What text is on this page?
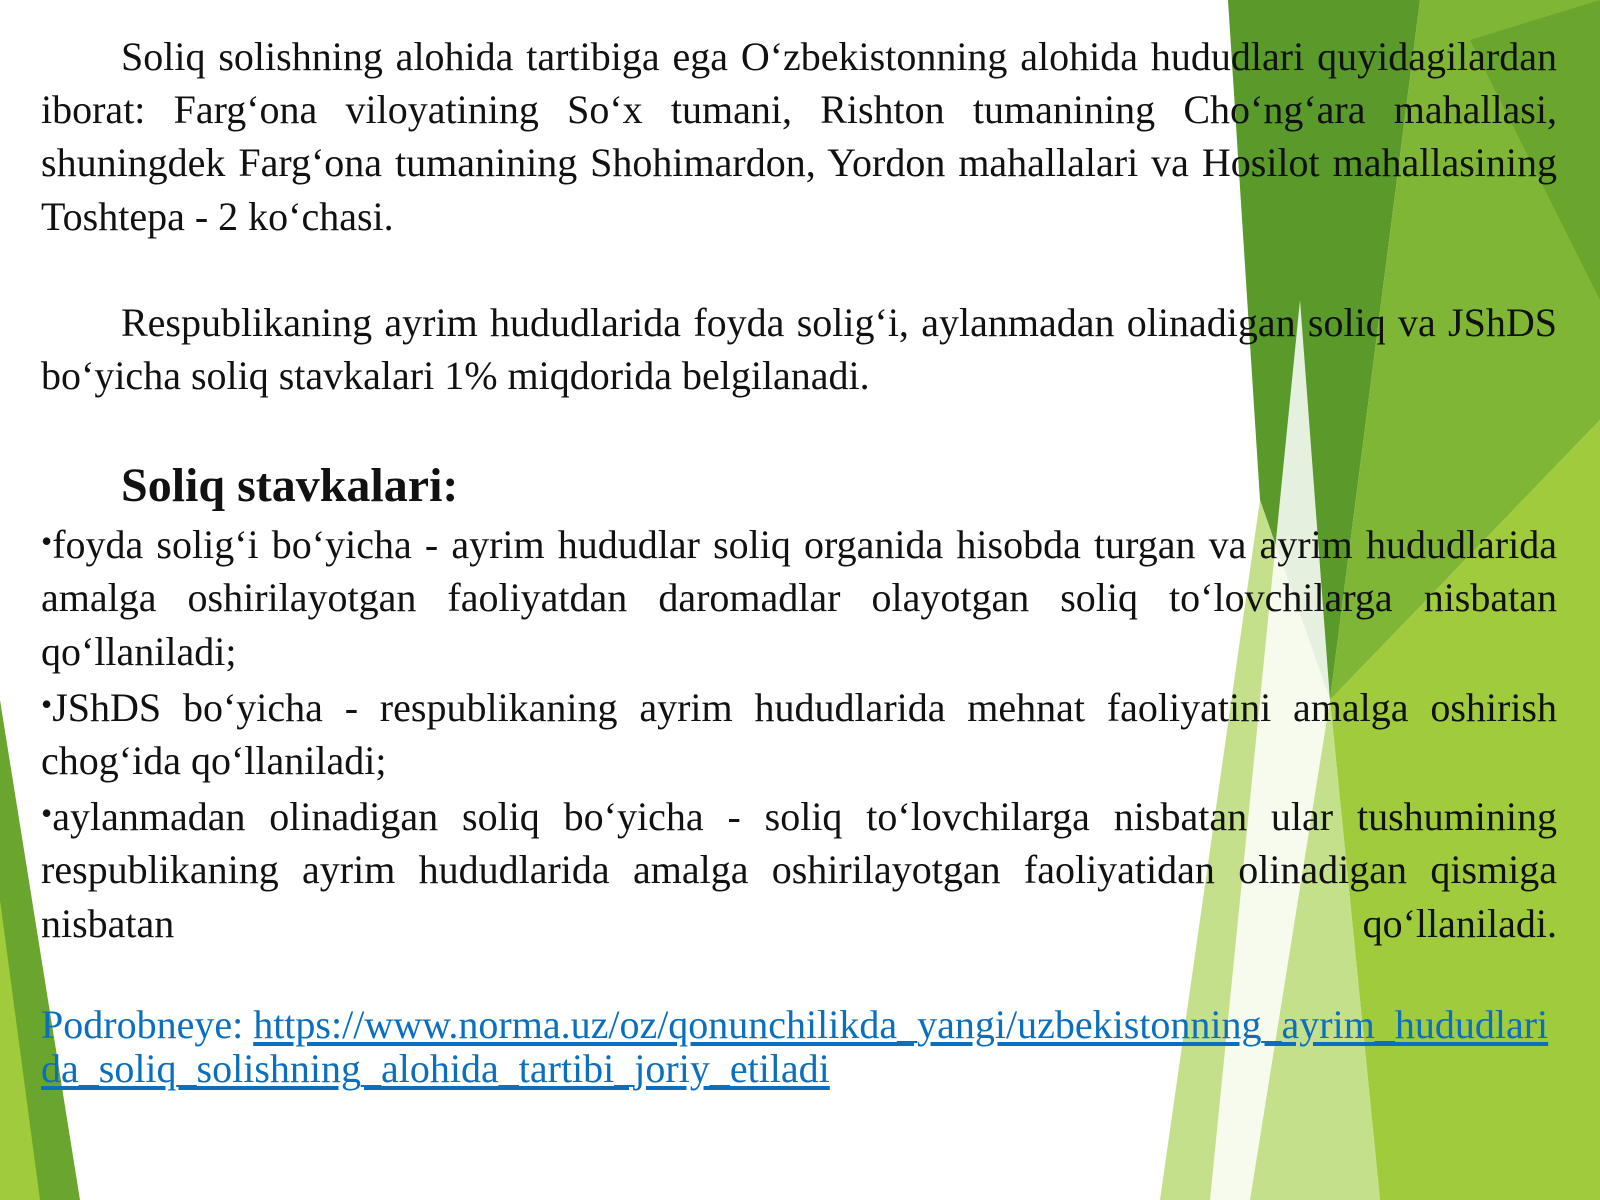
Soliq solishning alohida tartibiga ega O‘zbekistonning alohida hududlari quyidagilardan iborat: Farg‘ona viloyatining So‘x tumani, Rishton tumanining Cho‘ng‘ara mahallasi, shuningdek Farg‘ona tumanining Shohimardon, Yordon mahallalari va Hosilot mahallasining Toshtepa - 2 ko‘chasi.

Respublikaning ayrim hududlarida foyda solig‘i, aylanmadan olinadigan soliq va JShDS bo‘yicha soliq stavkalari 1% miqdorida belgilanadi.

Soliq stavkalari:

•foyda solig‘i bo‘yicha - ayrim hududlar soliq organida hisobda turgan va ayrim hududlarida amalga oshirilayotgan faoliyatdan daromadlar olayotgan soliq to‘lovchilarga nisbatan qo‘llaniladi;

•JShDS bo‘yicha - respublikaning ayrim hududlarida mehnat faoliyatini amalga oshirish chog‘ida qo‘llaniladi;

•aylanmadan olinadigan soliq bo‘yicha - soliq to‘lovchilarga nisbatan ular tushumining respublikaning ayrim hududlarida amalga oshirilayotgan faoliyatidan olinadigan qismiga nisbatan qo‘llaniladi.

Podrobneye: https://www.norma.uz/oz/qonunchilikda_yangi/uzbekistonning_ayrim_hududlarida_soliq_solishning_alohida_tartibi_joriy_etiladi
